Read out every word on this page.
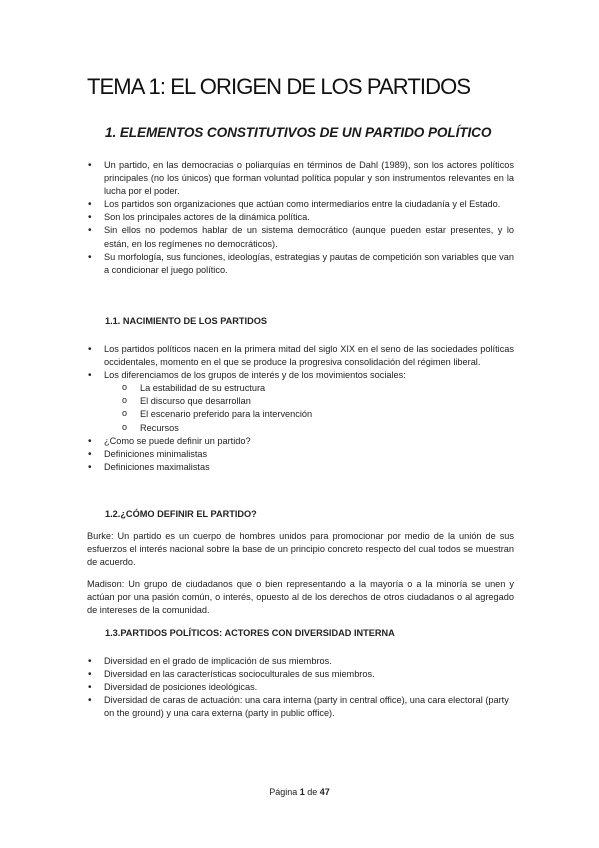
TEMA 1: EL ORIGEN DE LOS PARTIDOS
1. ELEMENTOS CONSTITUTIVOS DE UN PARTIDO POLÍTICO
• Un partido, en las democracias o poliarquías en términos de Dahl (1989), son los actores políticos principales (no los únicos) que forman voluntad política popular y son instrumentos relevantes en la lucha por el poder.
• Los partidos son organizaciones que actúan como intermediarios entre la ciudadanía y el Estado.
• Son los principales actores de la dinámica política.
• Sin ellos no podemos hablar de un sistema democrático (aunque pueden estar presentes, y lo están, en los regímenes no democráticos).
• Su morfología, sus funciones, ideologías, estrategias y pautas de competición son variables que van a condicionar el juego político.
1.1. NACIMIENTO DE LOS PARTIDOS
• Los partidos políticos nacen en la primera mitad del siglo XIX en el seno de las sociedades políticas occidentales, momento en el que se produce la progresiva consolidación del régimen liberal.
• Los diferenciamos de los grupos de interés y de los movimientos sociales:
o La estabilidad de su estructura
o El discurso que desarrollan
o El escenario preferido para la intervención
o Recursos
• ¿Como se puede definir un partido?
• Definiciones minimalistas
• Definiciones maximalistas
1.2.¿CÓMO DEFINIR EL PARTIDO?

Burke: Un partido es un cuerpo de hombres unidos para promocionar por medio de la unión de sus esfuerzos el interés nacional sobre la base de un principio concreto respecto del cual todos se muestran de acuerdo.

Madison: Un grupo de ciudadanos que o bien representando a la mayoría o a la minoría se unen y actúan por una pasión común, o interés, opuesto al de los derechos de otros ciudadanos o al agregado de intereses de la comunidad.

1.3.PARTIDOS POLÍTICOS: ACTORES CON DIVERSIDAD INTERNA
• Diversidad en el grado de implicación de sus miembros.
• Diversidad en las características socioculturales de sus miembros.
• Diversidad de posiciones ideológicas.
• Diversidad de caras de actuación: una cara interna (party in central office), una cara electoral (party on the ground) y una cara externa (party in public office).
Página 1 de 47
